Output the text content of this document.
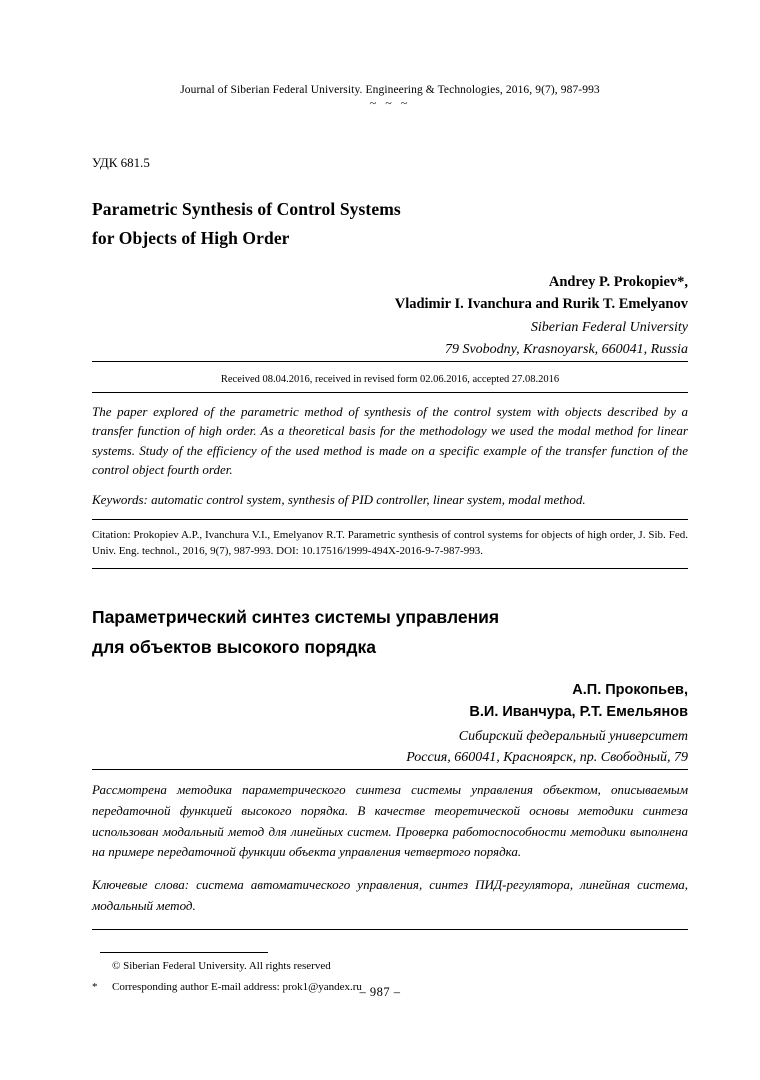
Journal of Siberian Federal University. Engineering & Technologies, 2016, 9(7), 987-993
~ ~ ~
УДК 681.5
Parametric Synthesis of Control Systems
for Objects of High Order
Andrey P. Prokopiev*,
Vladimir I. Ivanchura and Rurik T. Emelyanov
Siberian Federal University
79 Svobodny, Krasnoyarsk, 660041, Russia
Received 08.04.2016, received in revised form 02.06.2016, accepted 27.08.2016
The paper explored of the parametric method of synthesis of the control system with objects described by a transfer function of high order. As a theoretical basis for the methodology we used the modal method for linear systems. Study of the efficiency of the used method is made on a specific example of the transfer function of the control object fourth order.
Keywords: automatic control system, synthesis of PID controller, linear system, modal method.
Citation: Prokopiev A.P., Ivanchura V.I., Emelyanov R.T. Parametric synthesis of control systems for objects of high order, J. Sib. Fed. Univ. Eng. technol., 2016, 9(7), 987-993. DOI: 10.17516/1999-494X-2016-9-7-987-993.
Параметрический синтез системы управления
для объектов высокого порядка
А.П. Прокопьев,
В.И. Иванчура, Р.Т. Емельянов
Сибирский федеральный университет
Россия, 660041, Красноярск, пр. Свободный, 79
Рассмотрена методика параметрического синтеза системы управления объектом, описываемым передаточной функцией высокого порядка. В качестве теоретической основы методики синтеза использован модальный метод для линейных систем. Проверка работоспособности методики выполнена на примере передаточной функции объекта управления четвертого порядка.
Ключевые слова: система автоматического управления, синтез ПИД-регулятора, линейная система, модальный метод.
© Siberian Federal University. All rights reserved
* Corresponding author E-mail address: prok1@yandex.ru
– 987 –
